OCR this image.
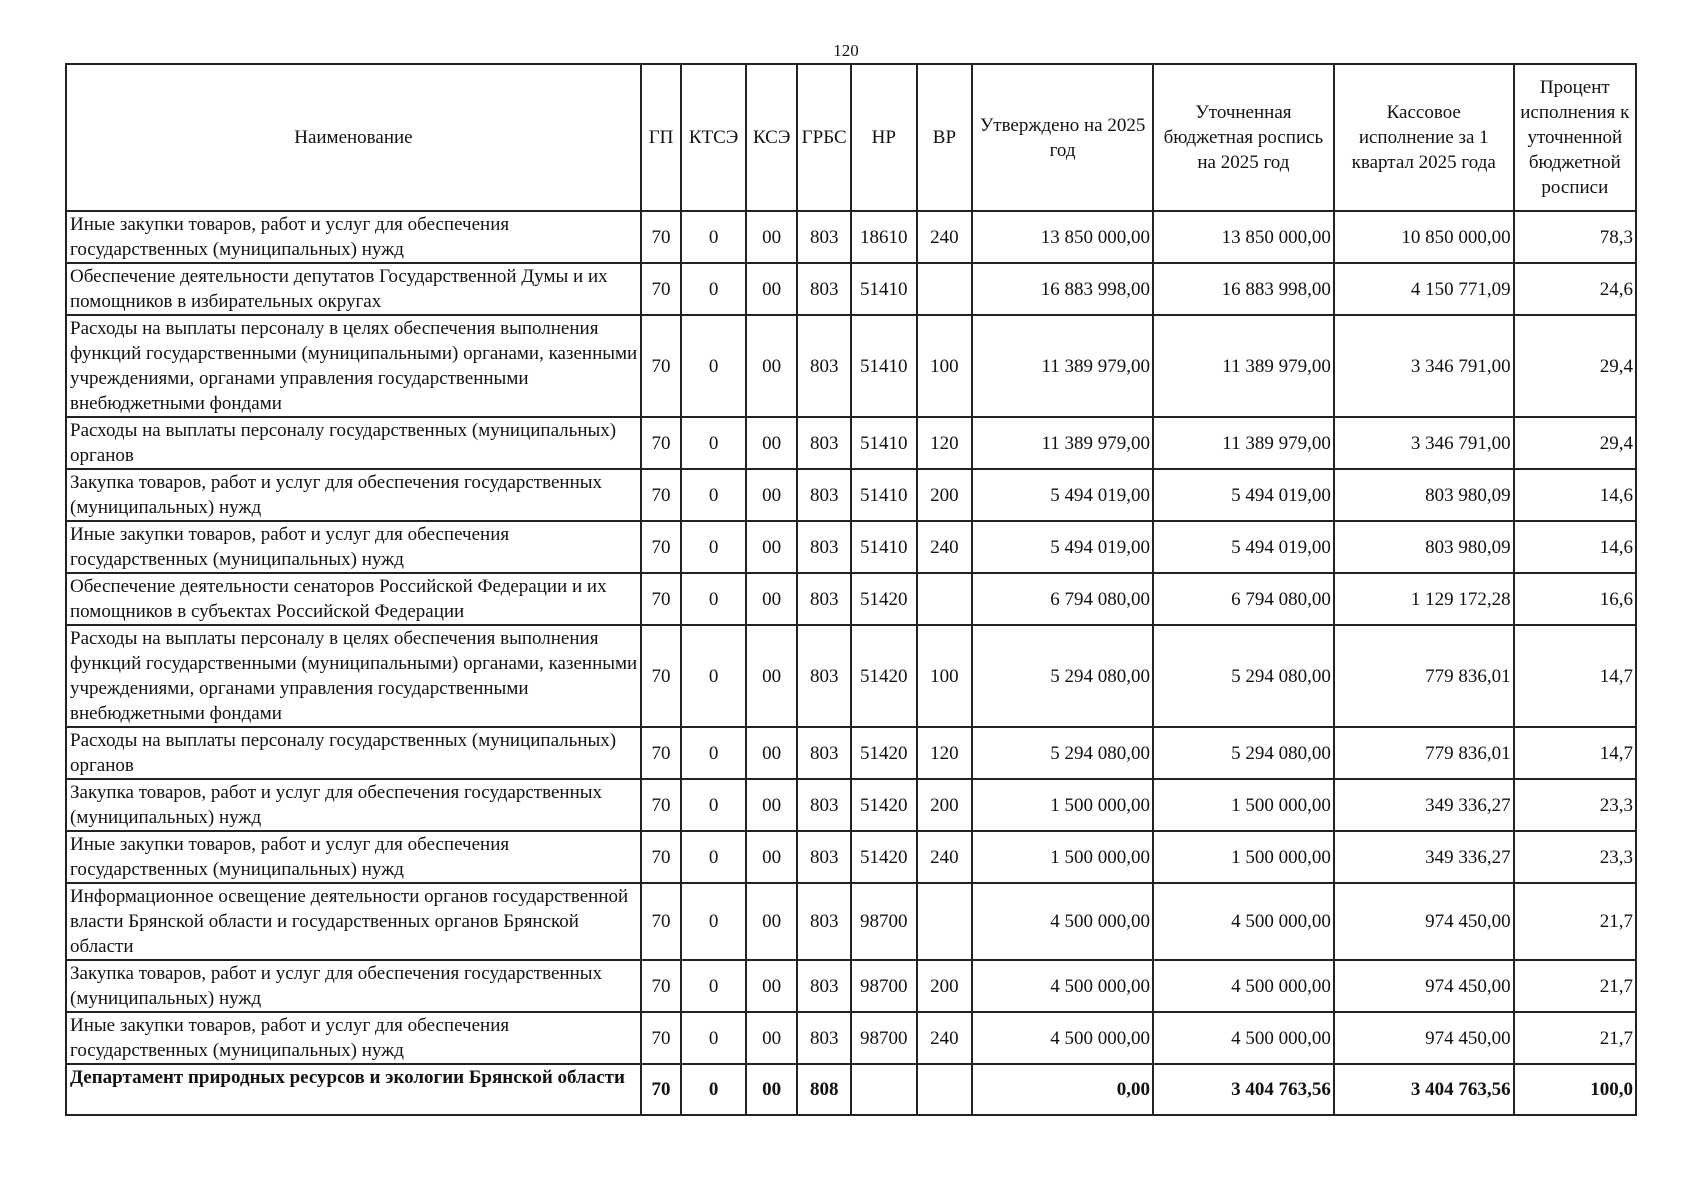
120
Наименование	ГП	КТСЭ	КСЭ	ГРБС	НР	ВР	Утверждено на 2025 год	Уточненная бюджетная роспись на 2025 год	Кассовое исполнение за 1 квартал 2025 года	Процент исполнения к уточненной бюджетной росписи
Иные закупки товаров, работ и услуг для обеспечения государственных (муниципальных) нужд	70	0	00	803	18610	240	13 850 000,00	13 850 000,00	10 850 000,00	78,3
Обеспечение деятельности депутатов Государственной Думы и их помощников в избирательных округах	70	0	00	803	51410		16 883 998,00	16 883 998,00	4 150 771,09	24,6
Расходы на выплаты персоналу в целях обеспечения выполнения функций государственными (муниципальными) органами, казенными учреждениями, органами управления государственными внебюджетными фондами	70	0	00	803	51410	100	11 389 979,00	11 389 979,00	3 346 791,00	29,4
Расходы на выплаты персоналу государственных (муниципальных) органов	70	0	00	803	51410	120	11 389 979,00	11 389 979,00	3 346 791,00	29,4
Закупка товаров, работ и услуг для обеспечения государственных (муниципальных) нужд	70	0	00	803	51410	200	5 494 019,00	5 494 019,00	803 980,09	14,6
Иные закупки товаров, работ и услуг для обеспечения государственных (муниципальных) нужд	70	0	00	803	51410	240	5 494 019,00	5 494 019,00	803 980,09	14,6
Обеспечение деятельности сенаторов Российской Федерации и их помощников в субъектах Российской Федерации	70	0	00	803	51420		6 794 080,00	6 794 080,00	1 129 172,28	16,6
Расходы на выплаты персоналу в целях обеспечения выполнения функций государственными (муниципальными) органами, казенными учреждениями, органами управления государственными внебюджетными фондами	70	0	00	803	51420	100	5 294 080,00	5 294 080,00	779 836,01	14,7
Расходы на выплаты персоналу государственных (муниципальных) органов	70	0	00	803	51420	120	5 294 080,00	5 294 080,00	779 836,01	14,7
Закупка товаров, работ и услуг для обеспечения государственных (муниципальных) нужд	70	0	00	803	51420	200	1 500 000,00	1 500 000,00	349 336,27	23,3
Иные закупки товаров, работ и услуг для обеспечения государственных (муниципальных) нужд	70	0	00	803	51420	240	1 500 000,00	1 500 000,00	349 336,27	23,3
Информационное освещение деятельности органов государственной власти Брянской области и государственных органов Брянской области	70	0	00	803	98700		4 500 000,00	4 500 000,00	974 450,00	21,7
Закупка товаров, работ и услуг для обеспечения государственных (муниципальных) нужд	70	0	00	803	98700	200	4 500 000,00	4 500 000,00	974 450,00	21,7
Иные закупки товаров, работ и услуг для обеспечения государственных (муниципальных) нужд	70	0	00	803	98700	240	4 500 000,00	4 500 000,00	974 450,00	21,7
Департамент природных ресурсов и экологии Брянской области	70	0	00	808			0,00	3 404 763,56	3 404 763,56	100,0
